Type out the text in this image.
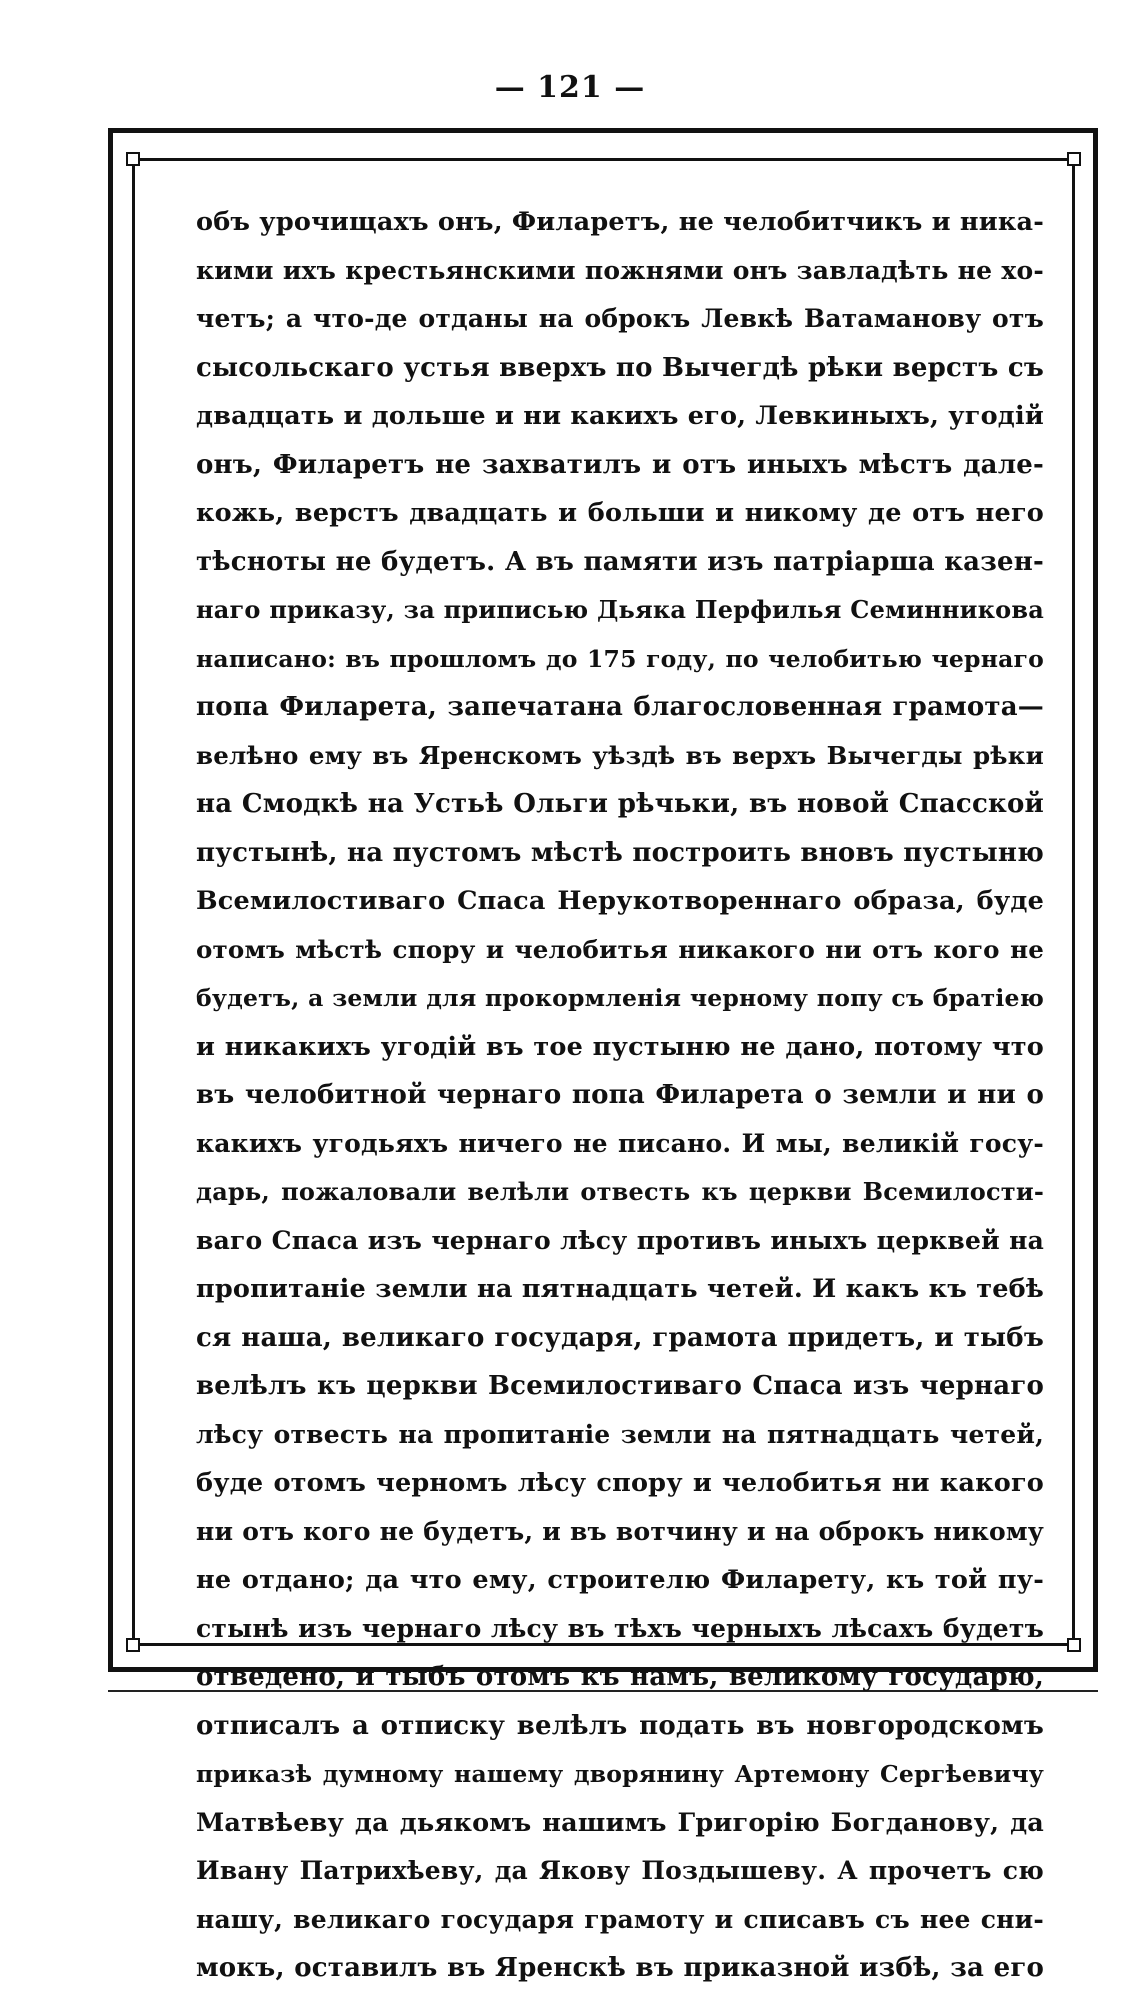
— 121 —
объ урочищахъ онъ, Филаретъ, не челобитчикъ и ника-
кими ихъ крестьянскими пожнями онъ завладѣть не хо-
четъ; а что-де отданы на оброкъ Левкѣ Ватаманову отъ
сысольскаго устья вверхъ по Вычегдѣ рѣки верстъ съ
двадцать и дольше и ни какихъ его, Левкиныхъ, угодій
онъ, Филаретъ не захватилъ и отъ иныхъ мѣстъ дале-
кожь, верстъ двадцать и больши и никому де отъ него
тѣсноты не будетъ. А въ памяти изъ патріарша казен-
наго приказу, за приписью Дьяка Перфилья Семинникова
написано: въ прошломъ до 175 году, по челобитью чернаго
попа Филарета, запечатана благословенная грамота—
велѣно ему въ Яренскомъ уѣздѣ въ верхъ Вычегды рѣки
на Смодкѣ на Устьѣ Ольги рѣчьки, въ новой Спасской
пустынѣ, на пустомъ мѣстѣ построить вновъ пустыню
Всемилостиваго Спаса Нерукотвореннаго образа, буде
отомъ мѣстѣ спору и челобитья никакого ни отъ кого не
будетъ, а земли для прокормленія черному попу съ братіею
и никакихъ угодій въ тое пустыню не дано, потому что
въ челобитной чернаго попа Филарета о земли и ни о
какихъ угодьяхъ ничего не писано. И мы, великій госу-
дарь, пожаловали велѣли отвесть къ церкви Всемилости-
ваго Спаса изъ чернаго лѣсу противъ иныхъ церквей на
пропитаніе земли на пятнадцать четей. И какъ къ тебѣ
ся наша, великаго государя, грамота придетъ, и тыбъ
велѣлъ къ церкви Всемилостиваго Спаса изъ чернаго
лѣсу отвесть на пропитаніе земли на пятнадцать четей,
буде отомъ черномъ лѣсу спору и челобитья ни какого
ни отъ кого не будетъ, и въ вотчину и на оброкъ никому
не отдано; да что ему, строителю Филарету, къ той пу-
стынѣ изъ чернаго лѣсу въ тѣхъ черныхъ лѣсахъ будетъ
отведено, и тыбъ отомъ къ намъ, великому государю,
отписалъ а отписку велѣлъ подать въ новгородскомъ
приказѣ думному нашему дворянину Артемону Сергѣевичу
Матвѣеву да дьякомъ нашимъ Григорію Богданову, да
Ивану Патрихѣеву, да Якову Поздышеву. А прочетъ сю
нашу, великаго государя грамоту и списавъ съ нее сни-
мокъ, оставилъ въ Яренскѣ въ приказной избѣ, за его
